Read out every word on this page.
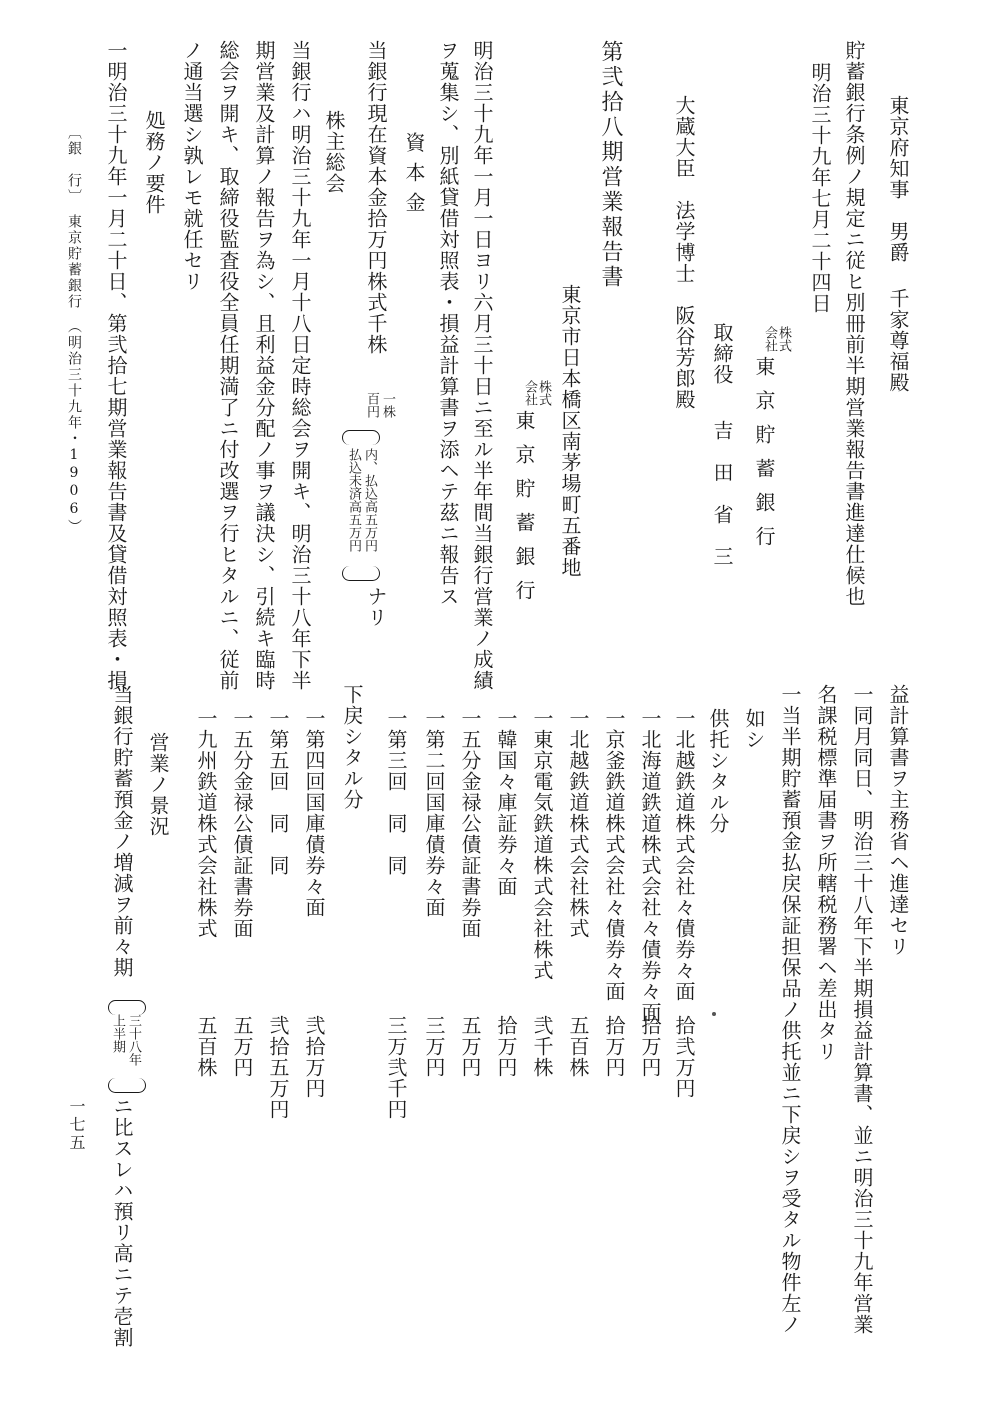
東京府知事　男爵 千家尊福殿
貯蓄銀行条例ノ規定ニ従ヒ別冊前半期営業報告書進達仕候也
明治三十九年七月二十四日
株式
会社
東京貯蓄銀行
取締役
吉田省三
大蔵大臣　法学博士　阪谷芳郎殿
第弐拾八期営業報告書
東京市日本橋区南茅場町五番地
株式
会社
東京貯蓄銀行
明治三十九年一月一日ヨリ六月三十日ニ至ル半年間当銀行営業ノ成績
ヲ蒐集シ、別紙貸借対照表・損益計算書ヲ添ヘテ茲ニ報告ス
資本金
当銀行現在資本金拾万円株式千株
一株
百円
内、払込高五万円
払込未済高五万円
ナリ
株主総会
当銀行ハ明治三十九年一月十八日定時総会ヲ開キ、明治三十八年下半
期営業及計算ノ報告ヲ為シ、且利益金分配ノ事ヲ議決シ、引続キ臨時
総会ヲ開キ、取締役監査役全員任期満了ニ付改選ヲ行ヒタルニ、従前
ノ通当選シ孰レモ就任セリ
処務ノ要件
一明治三十九年一月二十日、第弐拾七期営業報告書及貸借対照表・損
〔銀　行〕　東京貯蓄銀行　（明治三十九年・1906）
益計算書ヲ主務省ヘ進達セリ
一同月同日、明治三十八年下半期損益計算書、並ニ明治三十九年営業
名課税標準届書ヲ所轄税務署ヘ差出タリ
一当半期貯蓄預金払戻保証担保品ノ供托並ニ下戻シヲ受タル物件左ノ
如シ
供托シタル分
一北越鉄道株式会社々債券々面
拾弐万円
一北海道鉄道株式会社々債券々面
拾万円
一京釜鉄道株式会社々債券々面
拾万円
一北越鉄道株式会社株式
五百株
一東京電気鉄道株式会社株式
弐千株
一韓国々庫証券々面
拾万円
一五分金禄公債証書券面
五万円
一第二回国庫債券々面
三万円
一第三回　同　同
三万弐千円
下戻シタル分
一第四回国庫債券々面
弐拾万円
一第五回　同　同
弐拾五万円
一五分金禄公債証書券面
五万円
一九州鉄道株式会社株式
五百株
営業ノ景況
当銀行貯蓄預金ノ増減ヲ前々期
三十八年
上半期
ニ比スレハ預リ高ニテ壱割
一七五
